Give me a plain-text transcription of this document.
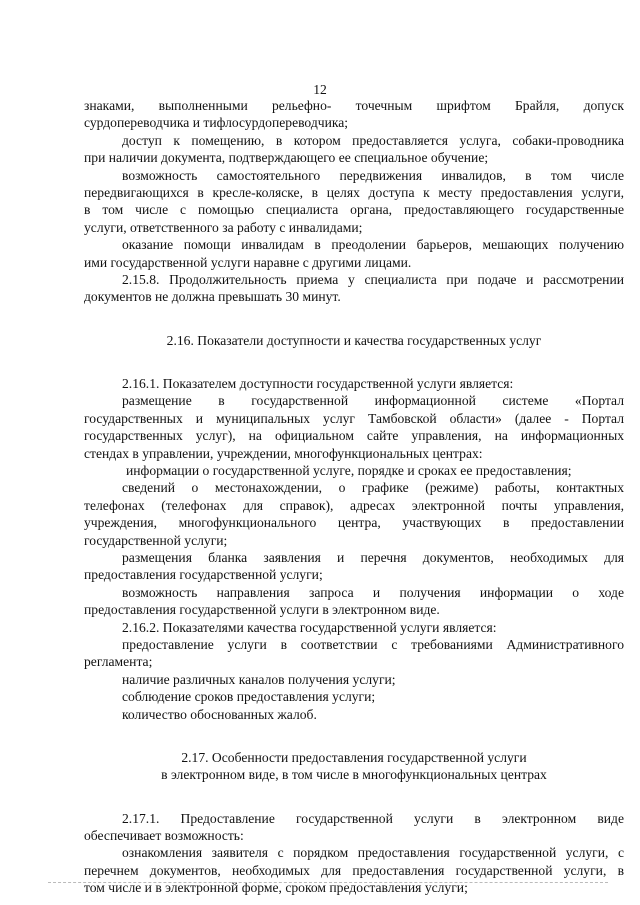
12
знаками, выполненными рельефно- точечным шрифтом Брайля, допуск
сурдопереводчика и тифлосурдопереводчика;
доступ к помещению, в котором предоставляется услуга, собаки-проводника
при наличии документа, подтверждающего ее специальное обучение;
возможность самостоятельного передвижения инвалидов, в том числе
передвигающихся в кресле-коляске, в целях доступа к месту предоставления услуги,
в том числе с помощью специалиста органа, предоставляющего государственные
услуги, ответственного за работу с инвалидами;
оказание помощи инвалидам в преодолении барьеров, мешающих получению
ими государственной услуги наравне с другими лицами.
2.15.8. Продолжительность приема у специалиста при подаче и рассмотрении
документов не должна превышать 30 минут.
2.16. Показатели доступности и качества государственных услуг
2.16.1. Показателем доступности государственной услуги является:
размещение в государственной информационной системе «Портал
государственных и муниципальных услуг Тамбовской области» (далее - Портал
государственных услуг), на официальном сайте управления, на информационных
стендах в управлении, учреждении, многофункциональных центрах:
информации о государственной услуге, порядке и сроках ее предоставления;
сведений о местонахождении, о графике (режиме) работы, контактных
телефонах (телефонах для справок), адресах электронной почты управления,
учреждения, многофункционального центра, участвующих в предоставлении
государственной услуги;
размещения бланка заявления и перечня документов, необходимых для
предоставления государственной услуги;
возможность направления запроса и получения информации о ходе
предоставления государственной услуги в электронном виде.
2.16.2. Показателями качества государственной услуги является:
предоставление услуги в соответствии с требованиями Административного
регламента;
наличие различных каналов получения услуги;
соблюдение сроков предоставления услуги;
количество обоснованных жалоб.
2.17. Особенности предоставления государственной услуги
в электронном виде, в том числе в многофункциональных центрах
2.17.1. Предоставление государственной услуги в электронном виде
обеспечивает возможность:
ознакомления заявителя с порядком предоставления государственной услуги, с
перечнем документов, необходимых для предоставления государственной услуги, в
том числе и в электронной форме, сроком предоставления услуги;
